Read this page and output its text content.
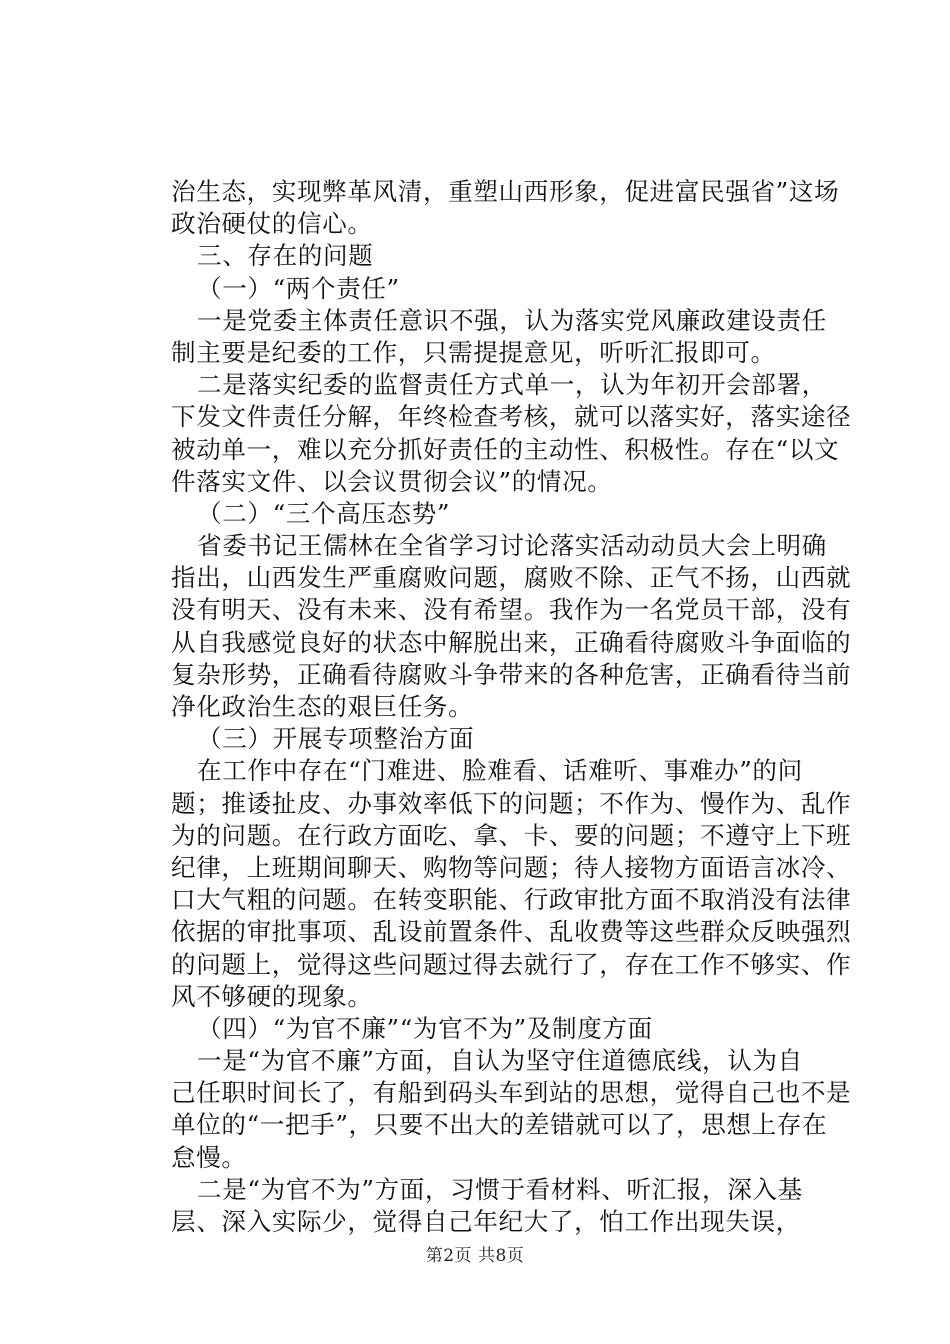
治生态，实现弊革风清，重塑山西形象，促进富民强省”这场
政治硬仗的信心。
三、存在的问题
（一）“两个责任”
一是党委主体责任意识不强，认为落实党风廉政建设责任
制主要是纪委的工作，只需提提意见，听听汇报即可。
二是落实纪委的监督责任方式单一，认为年初开会部署，
下发文件责任分解，年终检查考核，就可以落实好，落实途径
被动单一，难以充分抓好责任的主动性、积极性。存在“以文
件落实文件、以会议贯彻会议”的情况。
（二）“三个高压态势”
省委书记王儒林在全省学习讨论落实活动动员大会上明确
指出，山西发生严重腐败问题，腐败不除、正气不扬，山西就
没有明天、没有未来、没有希望。我作为一名党员干部，没有
从自我感觉良好的状态中解脱出来，正确看待腐败斗争面临的
复杂形势，正确看待腐败斗争带来的各种危害，正确看待当前
净化政治生态的艰巨任务。
（三）开展专项整治方面
在工作中存在“门难进、脸难看、话难听、事难办”的问
题；推诿扯皮、办事效率低下的问题；不作为、慢作为、乱作
为的问题。在行政方面吃、拿、卡、要的问题；不遵守上下班
纪律，上班期间聊天、购物等问题；待人接物方面语言冰冷、
口大气粗的问题。在转变职能、行政审批方面不取消没有法律
依据的审批事项、乱设前置条件、乱收费等这些群众反映强烈
的问题上，觉得这些问题过得去就行了，存在工作不够实、作
风不够硬的现象。
（四）“为官不廉”“为官不为”及制度方面
一是“为官不廉”方面，自认为坚守住道德底线，认为自
己任职时间长了，有船到码头车到站的思想，觉得自己也不是
单位的“一把手”，只要不出大的差错就可以了，思想上存在
怠慢。
二是“为官不为”方面，习惯于看材料、听汇报，深入基
层、深入实际少，觉得自己年纪大了，怕工作出现失误，
第2页 共8页
